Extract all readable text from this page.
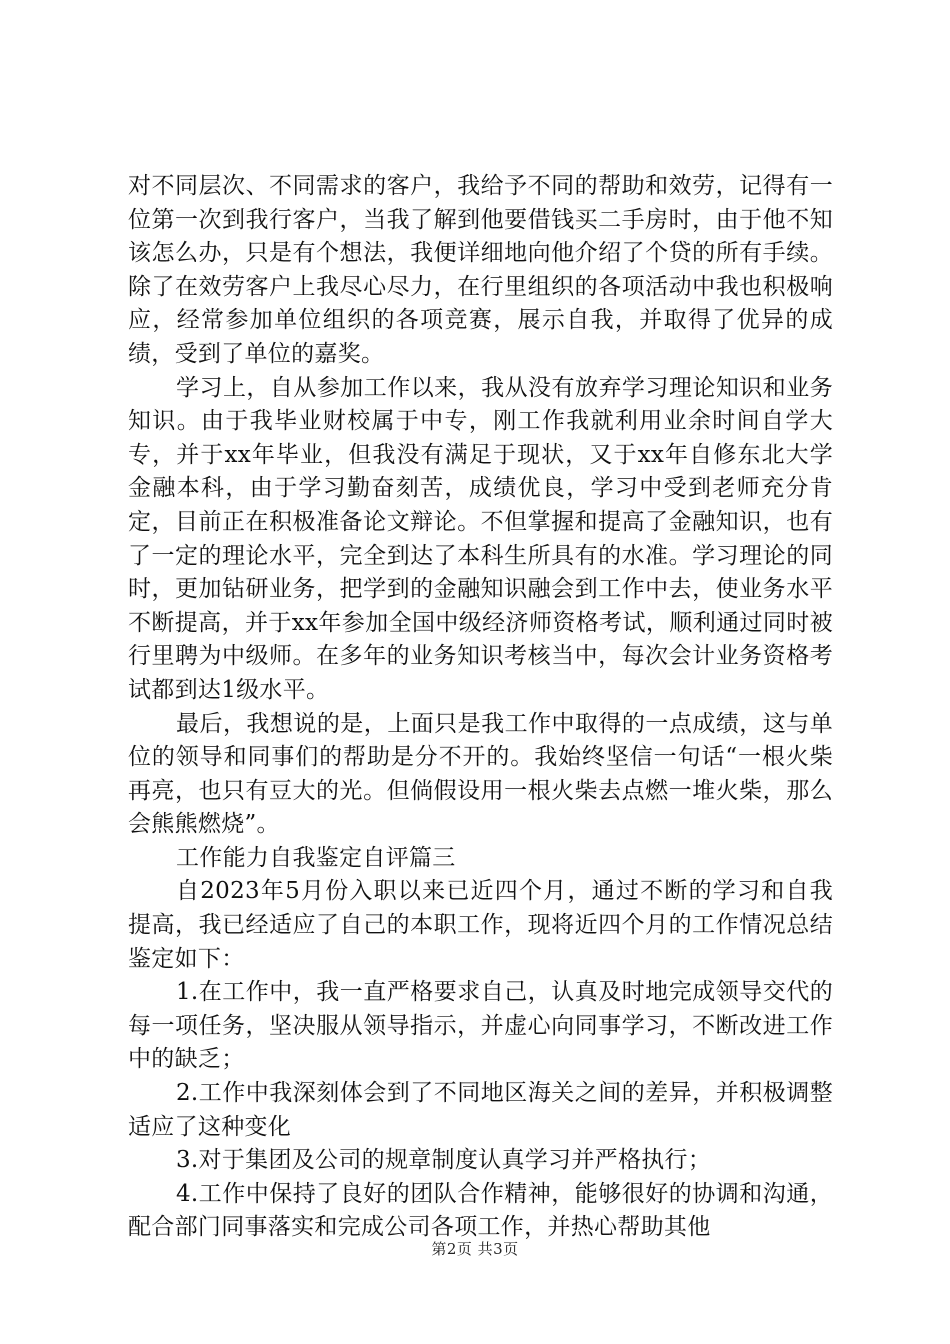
对不同层次、不同需求的客户，我给予不同的帮助和效劳，记得有一位第一次到我行客户，当我了解到他要借钱买二手房时，由于他不知该怎么办，只是有个想法，我便详细地向他介绍了个贷的所有手续。除了在效劳客户上我尽心尽力，在行里组织的各项活动中我也积极响应，经常参加单位组织的各项竞赛，展示自我，并取得了优异的成绩，受到了单位的嘉奖。

学习上，自从参加工作以来，我从没有放弃学习理论知识和业务知识。由于我毕业财校属于中专，刚工作我就利用业余时间自学大专，并于xx年毕业，但我没有满足于现状，又于xx年自修东北大学金融本科，由于学习勤奋刻苦，成绩优良，学习中受到老师充分肯定，目前正在积极准备论文辩论。不但掌握和提高了金融知识，也有了一定的理论水平，完全到达了本科生所具有的水准。学习理论的同时，更加钻研业务，把学到的金融知识融会到工作中去，使业务水平不断提高，并于xx年参加全国中级经济师资格考试，顺利通过同时被行里聘为中级师。在多年的业务知识考核当中，每次会计业务资格考试都到达1级水平。

最后，我想说的是，上面只是我工作中取得的一点成绩，这与单位的领导和同事们的帮助是分不开的。我始终坚信一句话“一根火柴再亮，也只有豆大的光。但倘假设用一根火柴去点燃一堆火柴，那么会熊熊燃烧”。

工作能力自我鉴定自评篇三

自2023年5月份入职以来已近四个月，通过不断的学习和自我提高，我已经适应了自己的本职工作，现将近四个月的工作情况总结鉴定如下：

1.在工作中，我一直严格要求自己，认真及时地完成领导交代的每一项任务，坚决服从领导指示，并虚心向同事学习，不断改进工作中的缺乏；

2.工作中我深刻体会到了不同地区海关之间的差异，并积极调整适应了这种变化

3.对于集团及公司的规章制度认真学习并严格执行；

4.工作中保持了良好的团队合作精神，能够很好的协调和沟通，配合部门同事落实和完成公司各项工作，并热心帮助其他

第2页 共3页
